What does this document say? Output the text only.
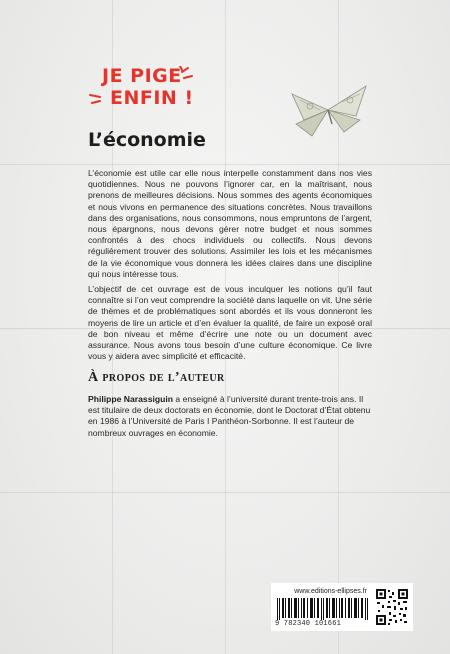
JE PIGE
ENFIN !
L’économie

L’économie est utile car elle nous interpelle constamment dans nos vies quotidiennes. Nous ne pouvons l’ignorer car, en la maîtrisant, nous prenons de meilleures décisions. Nous sommes des agents économiques et nous vivons en permanence des situations concrètes. Nous travaillons dans des organisations, nous consommons, nous empruntons de l’argent, nous épargnons, nous devons gérer notre budget et nous sommes confrontés à des chocs individuels ou collectifs. Nous devons régulièrement trouver des solutions. Assimiler les lois et les mécanismes de la vie économique vous donnera les idées claires dans une discipline qui nous intéresse tous.

L’objectif de cet ouvrage est de vous inculquer les notions qu’il faut connaître si l’on veut comprendre la société dans laquelle on vit. Une série de thèmes et de problématiques sont abordés et ils vous donneront les moyens de lire un article et d’en évaluer la qualité, de faire un exposé oral de bon niveau et même d’écrire une note ou un document avec assurance. Nous avons tous besoin d’une culture économique. Ce livre vous y aidera avec simplicité et efficacité.

À propos de l’auteur

Philippe Narassiguin a enseigné à l’université durant trente-trois ans. Il est titulaire de deux doctorats en économie, dont le Doctorat d’État obtenu en 1986 à l’Université de Paris I Panthéon-Sorbonne. Il est l’auteur de nombreux ouvrages en économie.

www.editions-ellipses.fr
9 782340 101661
